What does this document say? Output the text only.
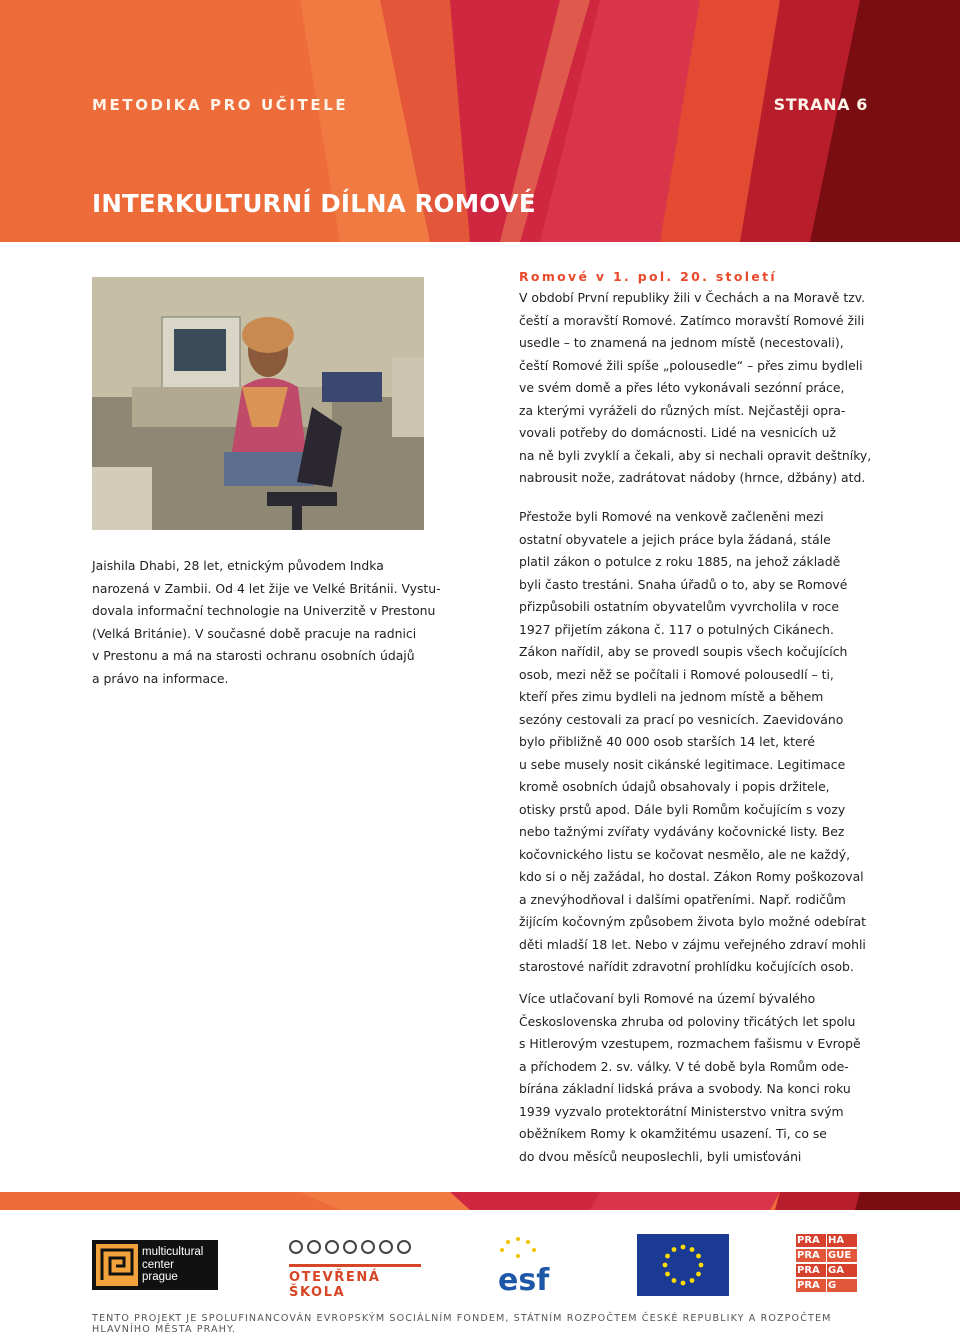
METODIKA PRO UČITELE	STRANA 6
INTERKULTURNÍ DÍLNA ROMOVÉ

Jaishila Dhabi, 28 let, etnickým původem Indka

narozená v Zambii. Od 4 let žije ve Velké Británii. Vystu-

dovala informační technologie na Univerzitě v Prestonu

(Velká Británie). V současné době pracuje na radnici

v Prestonu a má na starosti ochranu osobních údajů

a právo na informace.

Romové v 1. pol. 20. století

V období První republiky žili v Čechách a na Moravě tzv.

čeští a moravští Romové. Zatímco moravští Romové žili

usedle – to znamená na jednom místě (necestovali),

čeští Romové žili spíše „polousedle“ – přes zimu bydleli

ve svém domě a přes léto vykonávali sezónní práce,

za kterými vyráželi do různých míst. Nejčastěji opra-

vovali potřeby do domácnosti. Lidé na vesnicích už

na ně byli zvyklí a čekali, aby si nechali opravit deštníky,

nabrousit nože, zadrátovat nádoby (hrnce, džbány) atd.

Přestože byli Romové na venkově začleněni mezi

ostatní obyvatele a jejich práce byla žádaná, stále

platil zákon o potulce z roku 1885, na jehož základě

byli často trestáni. Snaha úřadů o to, aby se Romové

přizpůsobili ostatním obyvatelům vyvrcholila v roce

1927 přijetím zákona č. 117 o potulných Cikánech.

Zákon nařídil, aby se provedl soupis všech kočujících

osob, mezi něž se počítali i Romové polousedlí – ti,

kteří přes zimu bydleli na jednom místě a během

sezóny cestovali za prací po vesnicích. Zaevidováno

bylo přibližně 40 000 osob starších 14 let, které

u sebe musely nosit cikánské legitimace. Legitimace

kromě osobních údajů obsahovaly i popis držitele,

otisky prstů apod. Dále byli Romům kočujícím s vozy

nebo tažnými zvířaty vydávány kočovnické listy. Bez

kočovnického listu se kočovat nesmělo, ale ne každý,

kdo si o něj zažádal, ho dostal. Zákon Romy poškozoval

a znevýhodňoval i dalšími opatřeními. Např. rodičům

žijícím kočovným způsobem života bylo možné odebírat

děti mladší 18 let. Nebo v zájmu veřejného zdraví mohli

starostové nařídit zdravotní prohlídku kočujících osob.

Více utlačovaní byli Romové na území bývalého

Československa zhruba od poloviny třicátých let spolu

s Hitlerovým vzestupem, rozmachem fašismu v Evropě

a příchodem 2. sv. války. V té době byla Romům ode-

bírána základní lidská práva a svobody. Na konci roku

1939 vyzvalo protektorátní Ministerstvo vnitra svým

oběžníkem Romy k okamžitému usazení. Ti, co se

do dvou měsíců neuposlechli, byli umisťováni

multicultural
center
prague	OTEVŘENÁ ŠKOLA	esf
PRA HA
PRA GUE
PRA GA
PRA G
TENTO PROJEKT JE SPOLUFINANCOVÁN EVROPSKÝM SOCIÁLNÍM FONDEM, STÁTNÍM ROZPOČTEM ČESKÉ REPUBLIKY A ROZPOČTEM HLAVNÍHO MĚSTA PRAHY.
